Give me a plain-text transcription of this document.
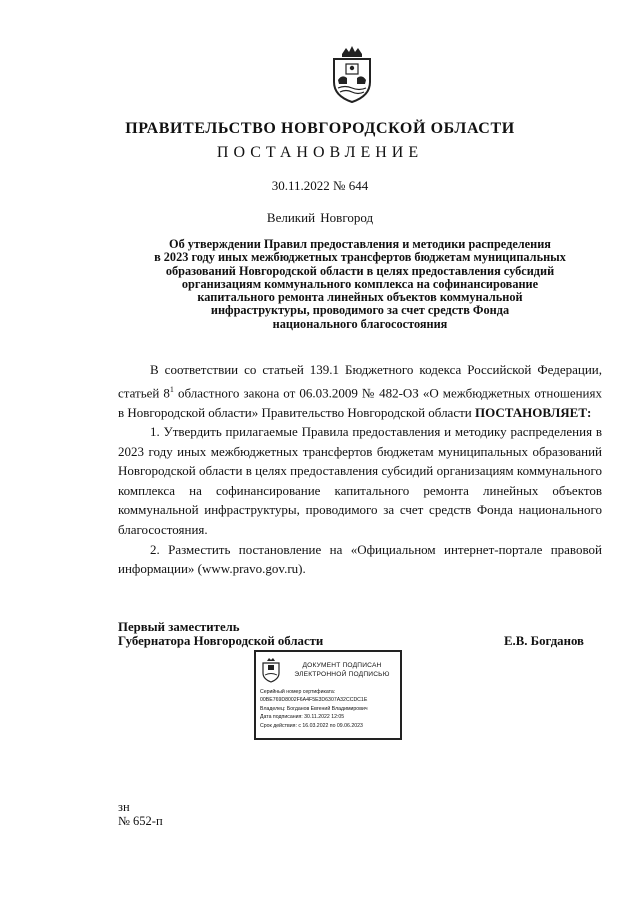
ПРАВИТЕЛЬСТВО НОВГОРОДСКОЙ ОБЛАСТИ
ПОСТАНОВЛЕНИЕ
30.11.2022 № 644
Великий Новгород
Об утверждении Правил предоставления и методики распределения
в 2023 году иных межбюджетных трансфертов бюджетам муниципальных
образований Новгородской области в целях предоставления субсидий
организациям коммунального комплекса на софинансирование
капитального ремонта линейных объектов коммунальной
инфраструктуры, проводимого за счет средств Фонда
национального благосостояния

В соответствии со статьей 139.1 Бюджетного кодекса Российской Федерации, статьей $8^1$ областного закона от 06.03.2009 № 482-ОЗ «О межбюджетных отношениях в Новгородской области» Правительство Новгородской области ПОСТАНОВЛЯЕТ:

1. Утвердить прилагаемые Правила предоставления и методику распределения в 2023 году иных межбюджетных трансфертов бюджетам муниципальных образований Новгородской области в целях предоставления субсидий организациям коммунального комплекса на софинансирование капитального ремонта линейных объектов коммунальной инфраструктуры, проводимого за счет средств Фонда национального благосостояния.

2. Разместить постановление на «Официальном интернет-портале правовой информации» (www.pravo.gov.ru).

Первый заместитель
Губернатора Новгородской области	Е.В. Богданов
ДОКУМЕНТ ПОДПИСАН
ЭЛЕКТРОННОЙ ПОДПИСЬЮ
Серийный номер сертификата:
00BE769D8002F6A4F5E3D6307A32CCDC1E
Владелец: Богданов Евгений Владимирович
Дата подписания: 30.11.2022 12:05
Срок действия: с 16.03.2022 по 09.06.2023
зн
№ 652-п
